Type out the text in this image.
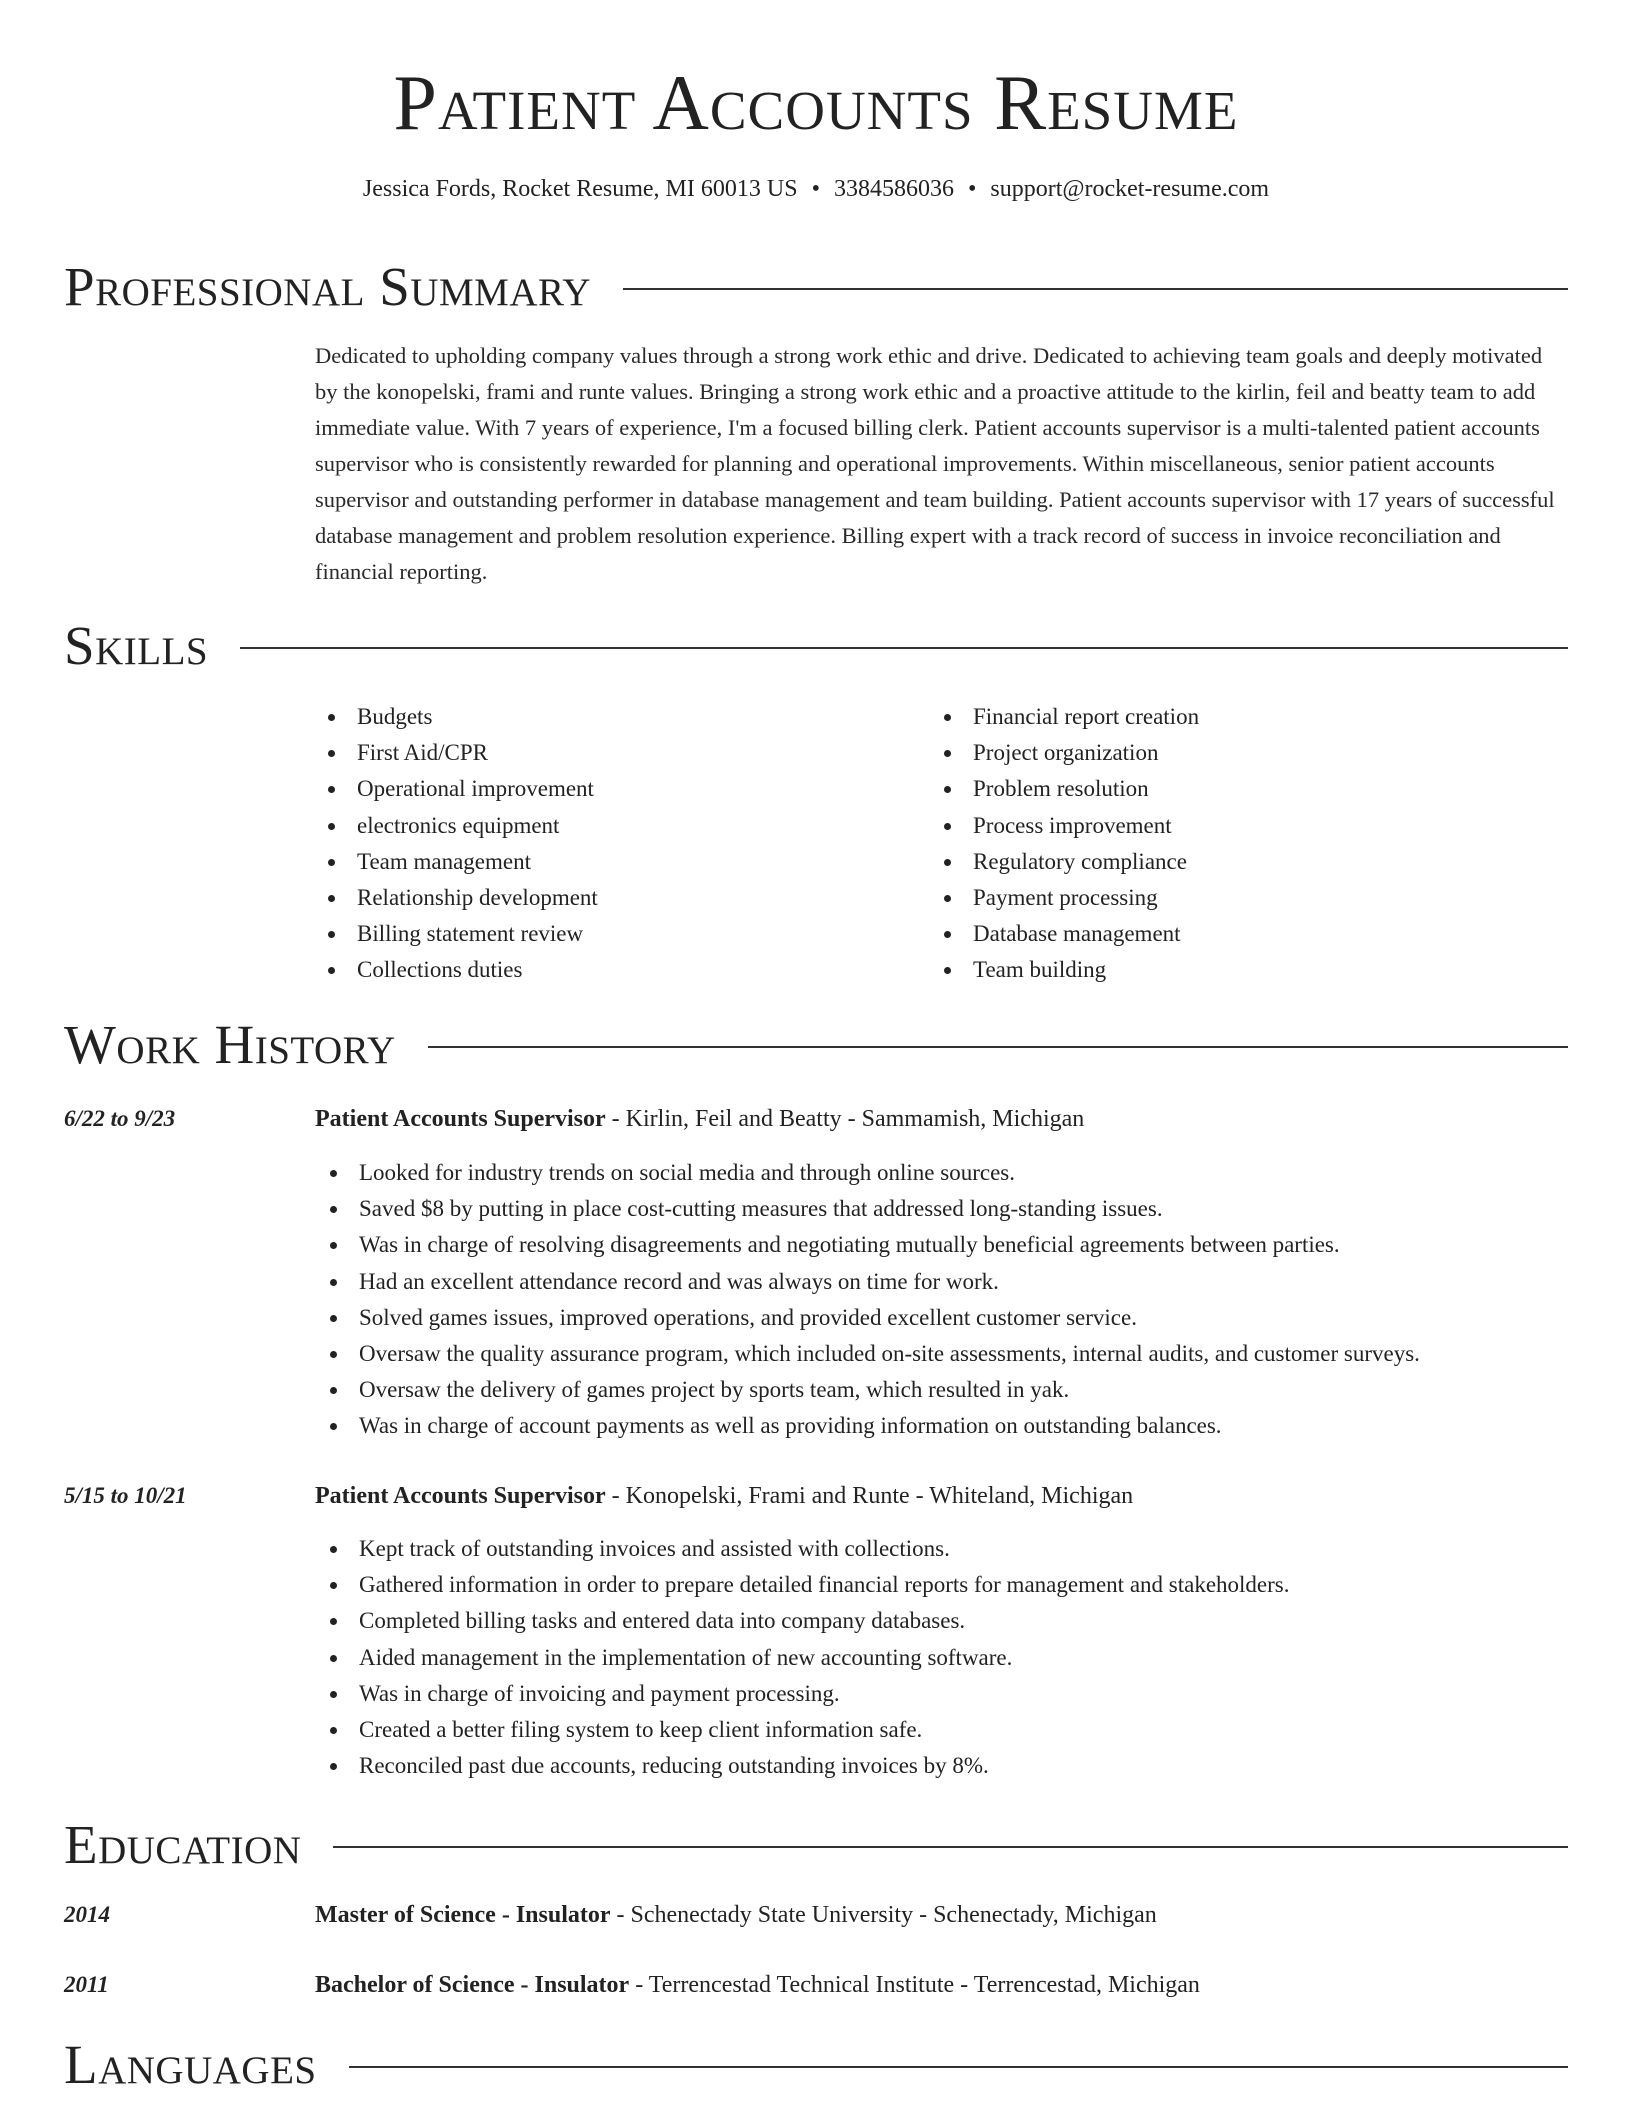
Patient Accounts Resume
Jessica Fords, Rocket Resume, MI 60013 US • 3384586036 • support@rocket-resume.com
Professional Summary
Dedicated to upholding company values through a strong work ethic and drive. Dedicated to achieving team goals and deeply motivated by the konopelski, frami and runte values. Bringing a strong work ethic and a proactive attitude to the kirlin, feil and beatty team to add immediate value. With 7 years of experience, I'm a focused billing clerk. Patient accounts supervisor is a multi-talented patient accounts supervisor who is consistently rewarded for planning and operational improvements. Within miscellaneous, senior patient accounts supervisor and outstanding performer in database management and team building. Patient accounts supervisor with 17 years of successful database management and problem resolution experience. Billing expert with a track record of success in invoice reconciliation and financial reporting.
Skills
Budgets
First Aid/CPR
Operational improvement
electronics equipment
Team management
Relationship development
Billing statement review
Collections duties
Financial report creation
Project organization
Problem resolution
Process improvement
Regulatory compliance
Payment processing
Database management
Team building
Work History
6/22 to 9/23	Patient Accounts Supervisor - Kirlin, Feil and Beatty - Sammamish, Michigan
Looked for industry trends on social media and through online sources.
Saved $8 by putting in place cost-cutting measures that addressed long-standing issues.
Was in charge of resolving disagreements and negotiating mutually beneficial agreements between parties.
Had an excellent attendance record and was always on time for work.
Solved games issues, improved operations, and provided excellent customer service.
Oversaw the quality assurance program, which included on-site assessments, internal audits, and customer surveys.
Oversaw the delivery of games project by sports team, which resulted in yak.
Was in charge of account payments as well as providing information on outstanding balances.
5/15 to 10/21	Patient Accounts Supervisor - Konopelski, Frami and Runte - Whiteland, Michigan
Kept track of outstanding invoices and assisted with collections.
Gathered information in order to prepare detailed financial reports for management and stakeholders.
Completed billing tasks and entered data into company databases.
Aided management in the implementation of new accounting software.
Was in charge of invoicing and payment processing.
Created a better filing system to keep client information safe.
Reconciled past due accounts, reducing outstanding invoices by 8%.
Education
2014	Master of Science - Insulator - Schenectady State University - Schenectady, Michigan
2011	Bachelor of Science - Insulator - Terrencestad Technical Institute - Terrencestad, Michigan
Languages
